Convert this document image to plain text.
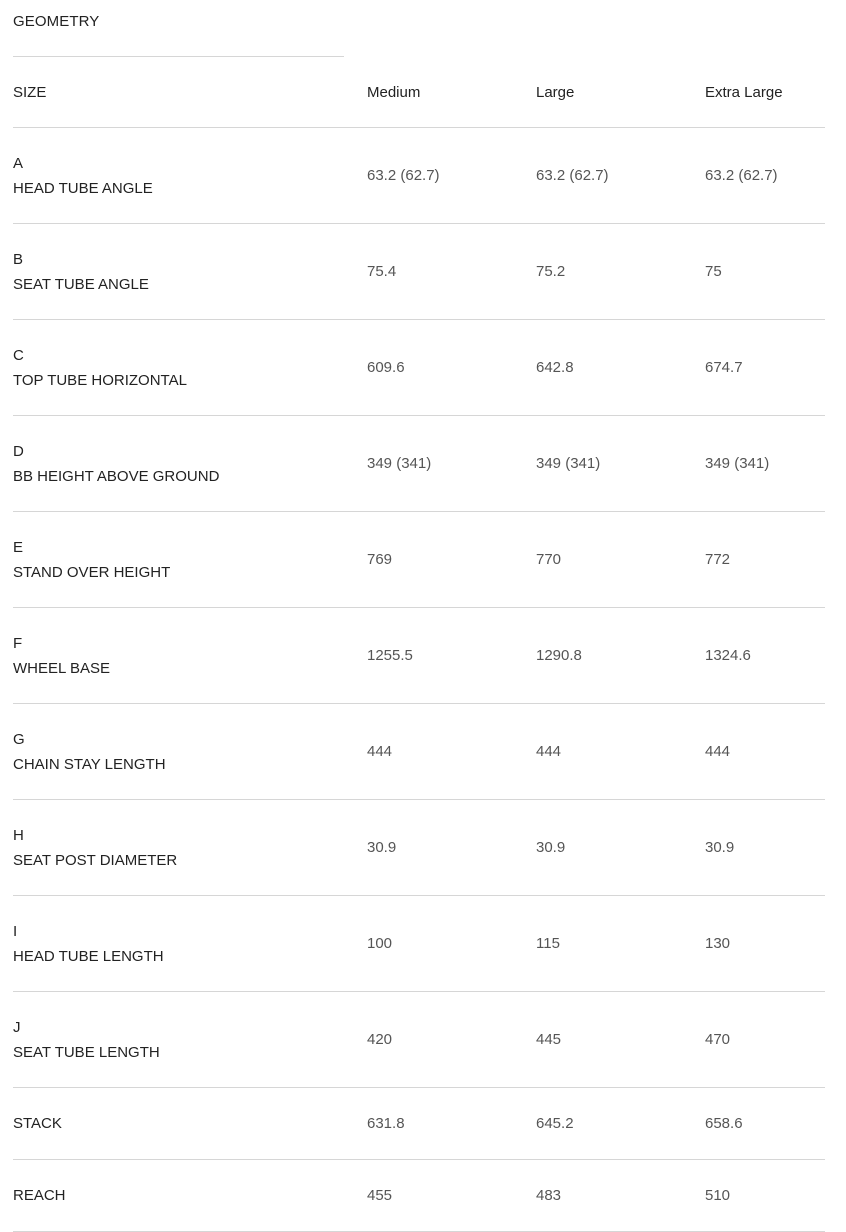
GEOMETRY
SIZE	Medium	Large	Extra Large

A
HEAD TUBE ANGLE	63.2 (62.7)	63.2 (62.7)	63.2 (62.7)

B
SEAT TUBE ANGLE	75.4	75.2	75

C
TOP TUBE HORIZONTAL	609.6	642.8	674.7

D
BB HEIGHT ABOVE GROUND	349 (341)	349 (341)	349 (341)

E
STAND OVER HEIGHT	769	770	772

F
WHEEL BASE	1255.5	1290.8	1324.6

G
CHAIN STAY LENGTH	444	444	444

H
SEAT POST DIAMETER	30.9	30.9	30.9

I
HEAD TUBE LENGTH	100	115	130

J
SEAT TUBE LENGTH	420	445	470

STACK	631.8	645.2	658.6

REACH	455	483	510
